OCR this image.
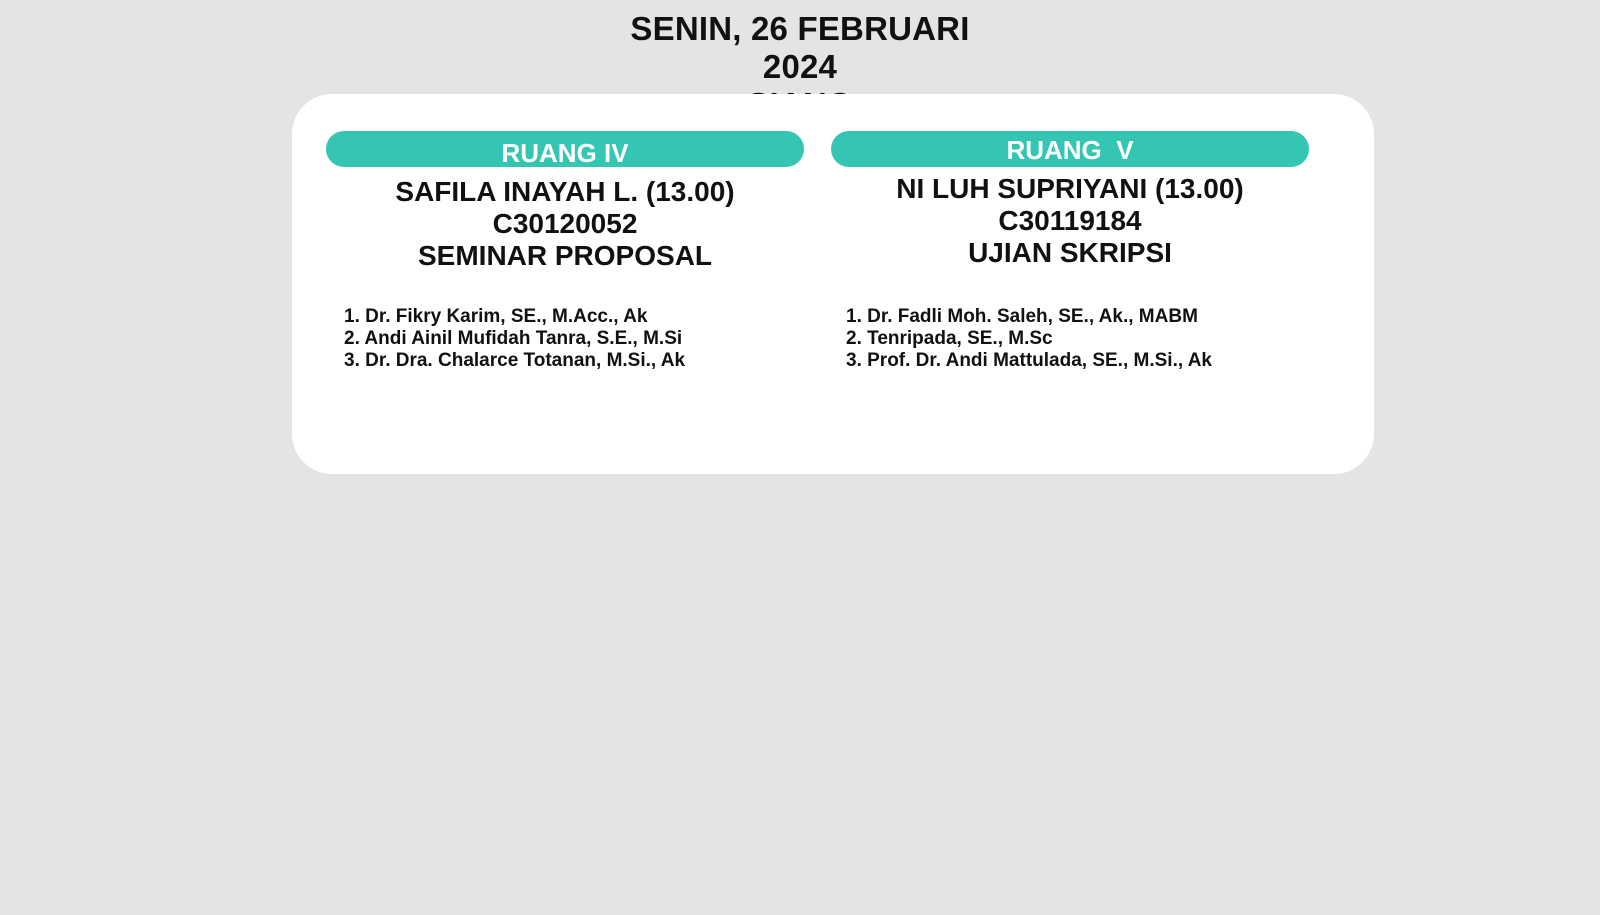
SENIN, 26 FEBRUARI 2024
RUANG IV
SAFILA INAYAH L. (13.00)
C30120052
SEMINAR PROPOSAL
1. Dr. Fikry Karim, SE., M.Acc., Ak
2. Andi Ainil Mufidah Tanra, S.E., M.Si
3. Dr. Dra. Chalarce Totanan, M.Si., Ak
RUANG  V
NI LUH SUPRIYANI (13.00)
C30119184
UJIAN SKRIPSI
1. Dr. Fadli Moh. Saleh, SE., Ak., MABM
2. Tenripada, SE., M.Sc
3. Prof. Dr. Andi Mattulada, SE., M.Si., Ak
